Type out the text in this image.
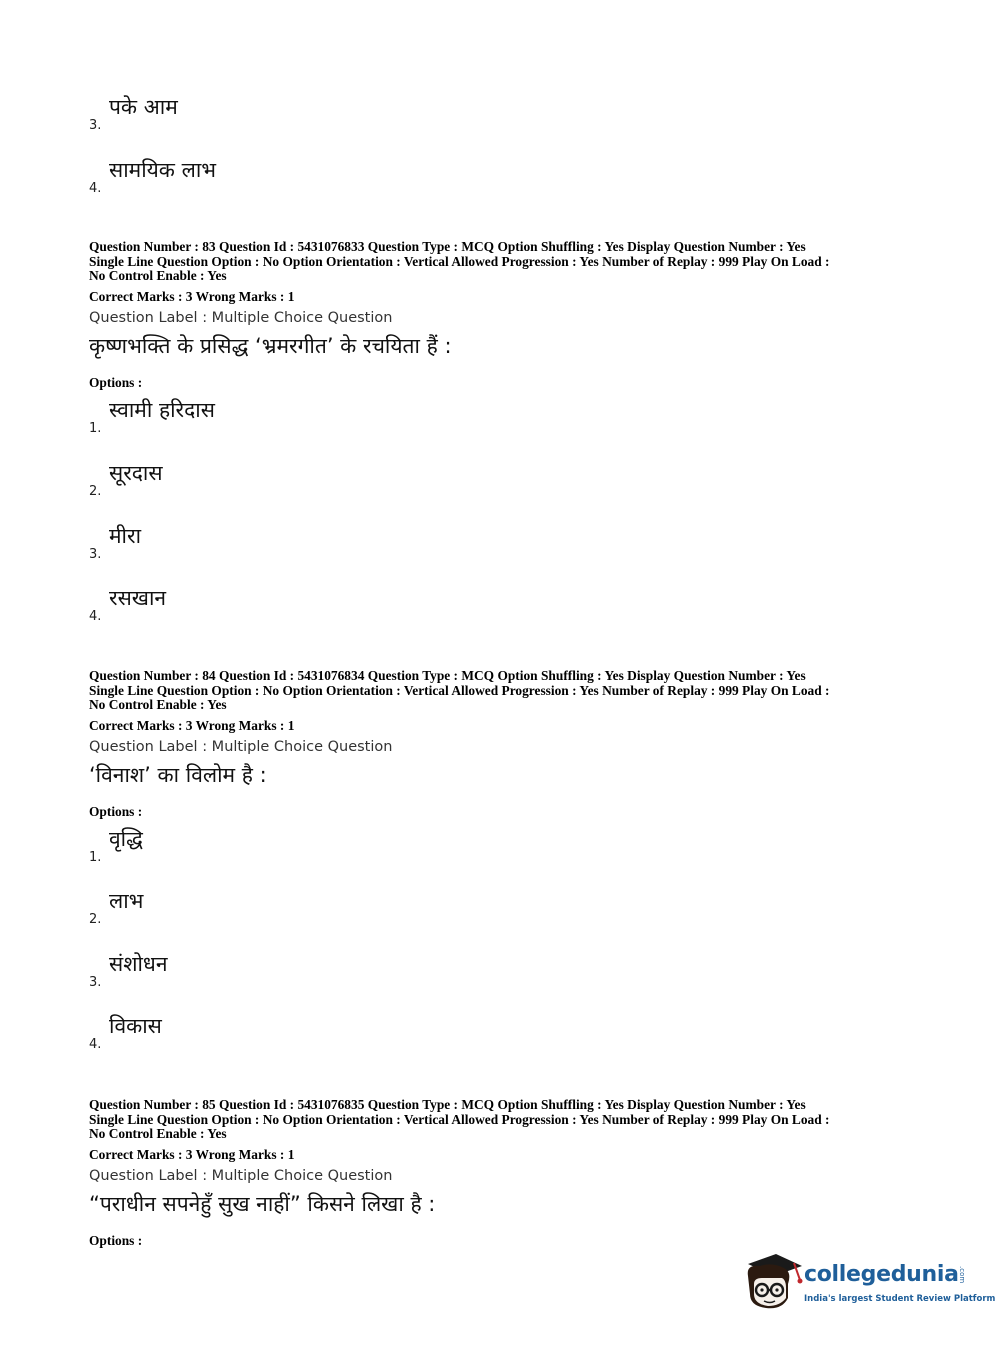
3.
पके आम
4.
सामयिक लाभ

Question Number : 83 Question Id : 5431076833 Question Type : MCQ Option Shuffling : Yes Display Question Number : Yes

Single Line Question Option : No Option Orientation : Vertical Allowed Progression : Yes Number of Replay : 999 Play On Load :

No Control Enable : Yes

Correct Marks : 3 Wrong Marks : 1

Question Label : Multiple Choice Question

कृष्णभक्ति के प्रसिद्ध ‘भ्रमरगीत’ के रचयिता हैं :

Options :
1.
स्वामी हरिदास
2.
सूरदास
3.
मीरा
4.
रसखान

Question Number : 84 Question Id : 5431076834 Question Type : MCQ Option Shuffling : Yes Display Question Number : Yes

Single Line Question Option : No Option Orientation : Vertical Allowed Progression : Yes Number of Replay : 999 Play On Load :

No Control Enable : Yes

Correct Marks : 3 Wrong Marks : 1

Question Label : Multiple Choice Question

‘विनाश’ का विलोम है :

Options :
1.
वृद्धि
2.
लाभ
3.
संशोधन
4.
विकास

Question Number : 85 Question Id : 5431076835 Question Type : MCQ Option Shuffling : Yes Display Question Number : Yes

Single Line Question Option : No Option Orientation : Vertical Allowed Progression : Yes Number of Replay : 999 Play On Load :

No Control Enable : Yes

Correct Marks : 3 Wrong Marks : 1

Question Label : Multiple Choice Question

“पराधीन सपनेहुँ सुख नाहीं” किसने लिखा है :

Options :
collegedunia .com
India's largest Student Review Platform
